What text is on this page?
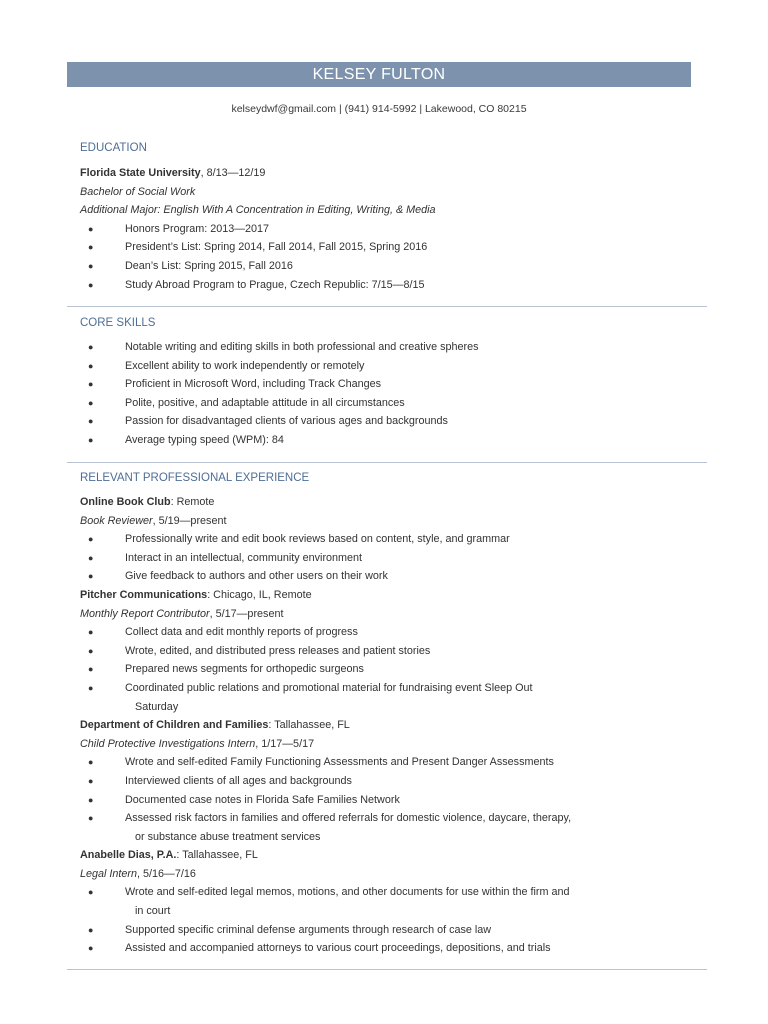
KELSEY FULTON
kelseydwf@gmail.com | (941) 914-5992 | Lakewood, CO 80215
EDUCATION
Florida State University, 8/13—12/19
Bachelor of Social Work
Additional Major: English With A Concentration in Editing, Writing, & Media
●	Honors Program: 2013—2017
●	President’s List: Spring 2014, Fall 2014, Fall 2015, Spring 2016
●	Dean’s List: Spring 2015, Fall 2016
●	Study Abroad Program to Prague, Czech Republic: 7/15—8/15
CORE SKILLS
●	Notable writing and editing skills in both professional and creative spheres
●	Excellent ability to work independently or remotely
●	Proficient in Microsoft Word, including Track Changes
●	Polite, positive, and adaptable attitude in all circumstances
●	Passion for disadvantaged clients of various ages and backgrounds
●	Average typing speed (WPM): 84
RELEVANT PROFESSIONAL EXPERIENCE
Online Book Club: Remote
Book Reviewer, 5/19—present
●	Professionally write and edit book reviews based on content, style, and grammar
●	Interact in an intellectual, community environment
●	Give feedback to authors and other users on their work
Pitcher Communications: Chicago, IL, Remote
Monthly Report Contributor, 5/17—present
●	Collect data and edit monthly reports of progress
●	Wrote, edited, and distributed press releases and patient stories
●	Prepared news segments for orthopedic surgeons
●	Coordinated public relations and promotional material for fundraising event Sleep Out
Saturday
Department of Children and Families: Tallahassee, FL
Child Protective Investigations Intern, 1/17—5/17
●	Wrote and self-edited Family Functioning Assessments and Present Danger Assessments
●	Interviewed clients of all ages and backgrounds
●	Documented case notes in Florida Safe Families Network
●	Assessed risk factors in families and offered referrals for domestic violence, daycare, therapy,
or substance abuse treatment services
Anabelle Dias, P.A.: Tallahassee, FL
Legal Intern, 5/16—7/16
●	Wrote and self-edited legal memos, motions, and other documents for use within the firm and
in court
●	Supported specific criminal defense arguments through research of case law
●	Assisted and accompanied attorneys to various court proceedings, depositions, and trials
